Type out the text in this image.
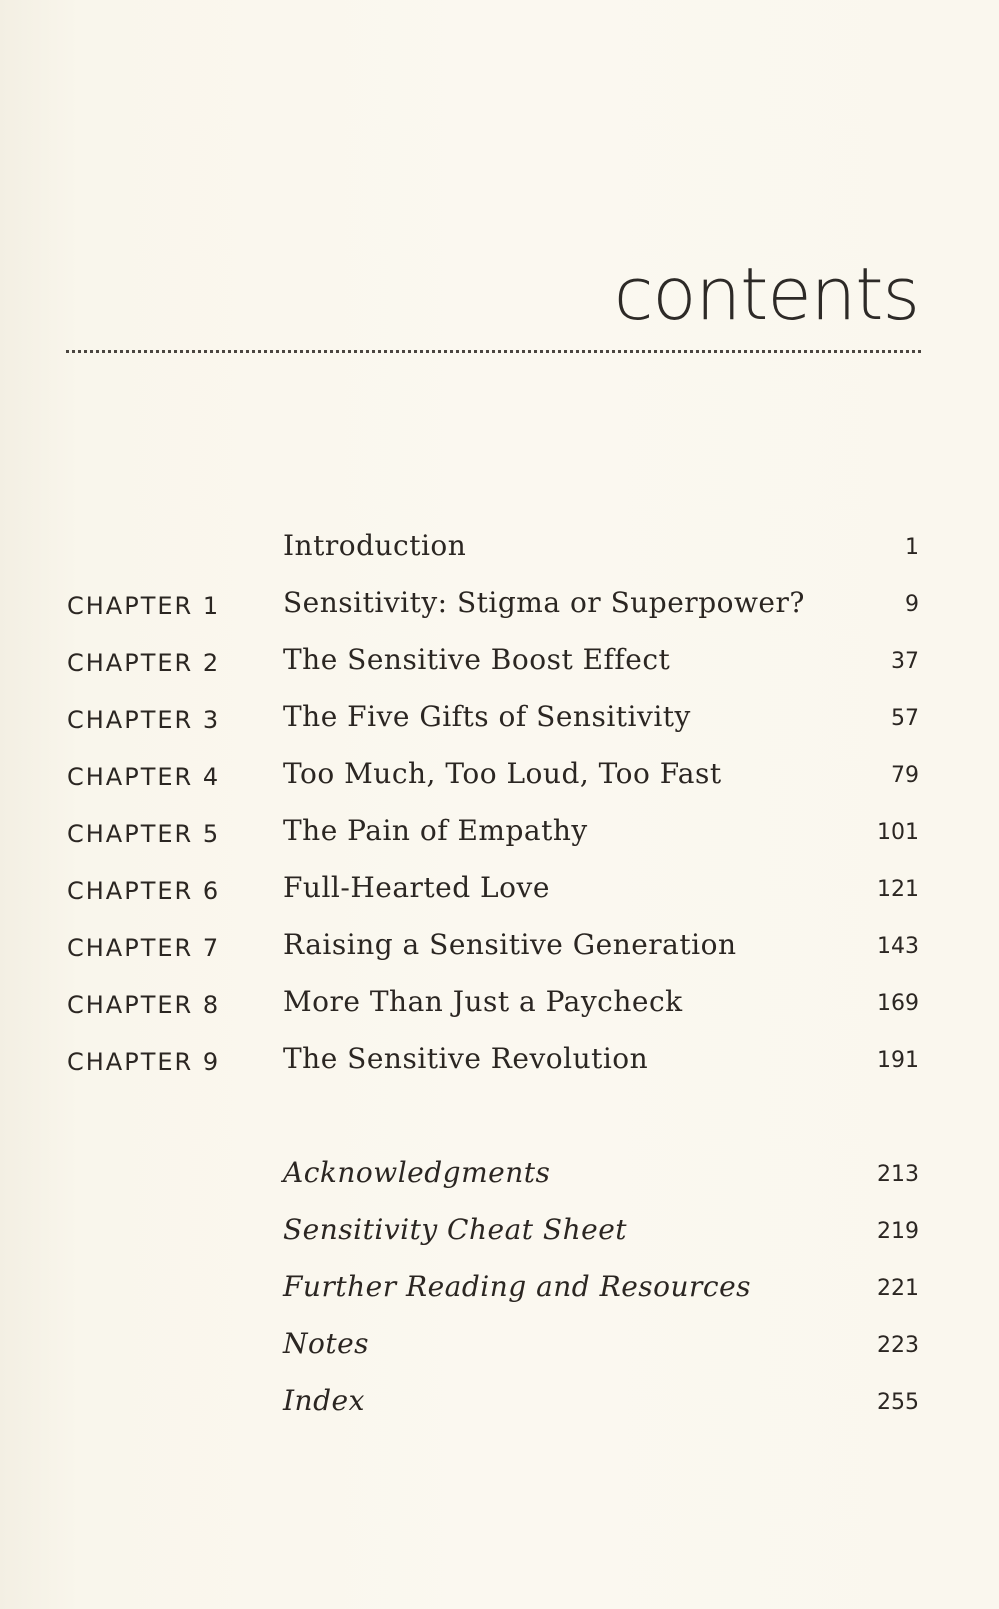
contents
Introduction	1
CHAPTER 1 Sensitivity: Stigma or Superpower?	9
CHAPTER 2 The Sensitive Boost Effect	37
CHAPTER 3 The Five Gifts of Sensitivity	57
CHAPTER 4 Too Much, Too Loud, Too Fast	79
CHAPTER 5 The Pain of Empathy	101
CHAPTER 6 Full-Hearted Love	121
CHAPTER 7 Raising a Sensitive Generation	143
CHAPTER 8 More Than Just a Paycheck	169
CHAPTER 9 The Sensitive Revolution	191
Acknowledgments	213
Sensitivity Cheat Sheet	219
Further Reading and Resources	221
Notes	223
Index	255
